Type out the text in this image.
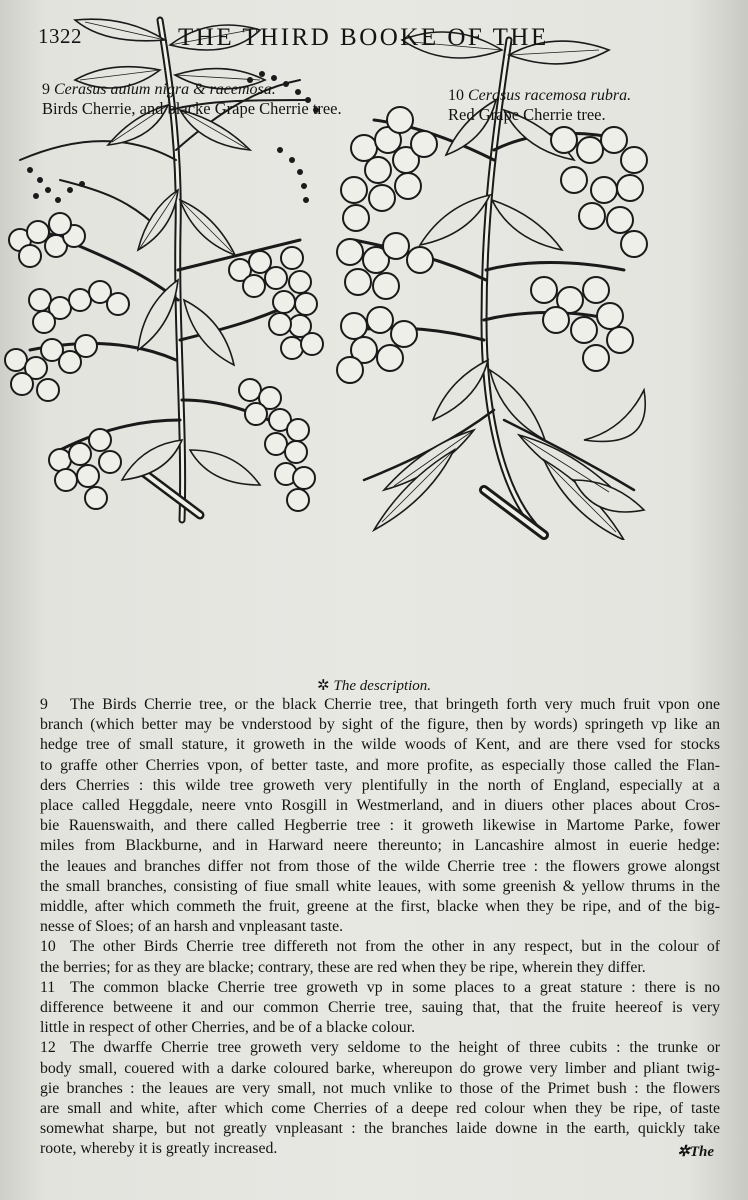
1322	THE THIRD BOOKE OF THE
9 Cerasus auium nigra & racemosa.
Birds Cherrie, and blacke Grape Cherrie tree.
10 Cerasus racemosa rubra.
Red Grape Cherrie tree.

✲ The description.
9 The Birds Cherrie tree, or the black Cherrie tree, that bringeth forth very much fruit vpon one
branch (which better may be vnderstood by sight of the figure, then by words) springeth vp like an
hedge tree of small stature, it groweth in the wilde woods of Kent, and are there vsed for stocks
to graffe other Cherries vpon, of better taste, and more profite, as especially those called the Flan-
ders Cherries : this wilde tree groweth very plentifully in the north of England, especially at a
place called Heggdale, neere vnto Rosgill in Westmerland, and in diuers other places about Cros-
bie Rauenswaith, and there called Hegberrie tree : it groweth likewise in Martome Parke, fower
miles from Blackburne, and in Harward neere thereunto; in Lancashire almost in euerie hedge:
the leaues and branches differ not from those of the wilde Cherrie tree : the flowers growe alongst
the small branches, consisting of fiue small white leaues, with some greenish & yellow thrums in the
middle, after which commeth the fruit, greene at the first, blacke when they be ripe, and of the big-
nesse of Sloes; of an harsh and vnpleasant taste.
10 The other Birds Cherrie tree differeth not from the other in any respect, but in the colour of
the berries; for as they are blacke; contrary, these are red when they be ripe, wherein they differ.
11 The common blacke Cherrie tree groweth vp in some places to a great stature : there is no
difference betweene it and our common Cherrie tree, sauing that, that the fruite heereof is very
little in respect of other Cherries, and be of a blacke colour.
12 The dwarffe Cherrie tree groweth very seldome to the height of three cubits : the trunke or
body small, couered with a darke coloured barke, whereupon do growe very limber and pliant twig-
gie branches : the leaues are very small, not much vnlike to those of the Primet bush : the flowers
are small and white, after which come Cherries of a deepe red colour when they be ripe, of taste
somewhat sharpe, but not greatly vnpleasant : the branches laide downe in the earth, quickly take
roote, whereby it is greatly increased.	✲The
